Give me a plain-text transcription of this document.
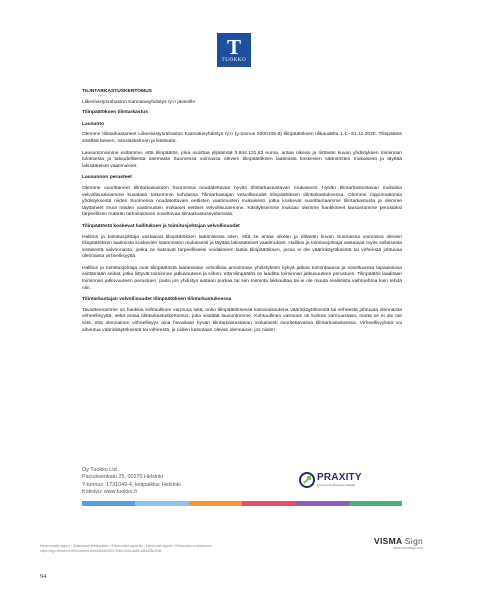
T
TUOKKO
TILINTARKASTUSKERTOMUS
Liikesivistysrahaston Kannatusyhdistys ry:n jäsenille
Tilinpäätöksen tilintarkastus
Lausunto

Olemme tilintarkastaneet Liikesivistysrahaston Kannatusyhdistys ry:n (y-tunnus 0200105-8) tilinpäätöksen tilikaudelta 1.1.–31.12.2020. Tilinpäätös sisältää taseen, tuloslaskelman ja liitetiedot.

Lausuntonamme esitämme, että tilinpäätös, joka osoittaa ylijäämää 3.844.131,63 euroa, antaa oikean ja riittävän kuvan yhdistyksen toiminnan tuloksesta ja taloudellisesta asemasta Suomessa voimassa olevien tilinpäätöksen laatimista koskevien säännösten mukaisesti ja täyttää lakisääteiset vaatimukset.

Lausunnon perusteet

Olemme suorittaneet tilintarkastuksen Suomessa noudatettavan hyvän tilintarkastustavan mukaisesti. Hyvän tilintarkastustavan mukaisia velvollisuuksiamme kuvataan tarkemmin kohdassa Tilintarkastajan velvollisuudet tilinpäätöksen tilintarkastuksessa. Olemme riippumattomia yhdistyksestä niiden Suomessa noudatettavien eettisten vaatimusten mukaisesti, jotka koskevat suorittamaamme tilintarkastusta ja olemme täyttäneet muut näiden vaatimusten mukaiset eettiset velvollisuutemme. Käsityksemme mukaan olemme hankkineet lausuntomme perustaksi tarpeellisen määrän tarkoitukseen soveltuvaa tilintarkastusevidenssiä.

Tilinpäätöstä koskevat hallituksen ja toimitusjohtajan velvollisuudet

Hallitus ja toimitusjohtaja vastaavat tilinpäätöksen laatimisesta siten, että se antaa oikean ja riittävän kuvan Suomessa voimassa olevien tilinpäätöksen laatimista koskevien säännösten mukaisesti ja täyttää lakisääteiset vaatimukset. Hallitus ja toimitusjohtaja vastaavat myös sellaisesta sisäisestä valvonnasta, jonka ne katsovat tarpeelliseksi voidakseen laatia tilinpäätöksen, jossa ei ole väärinkäytöksestä tai virheestä johtuvaa olennaista virheellisyyttä.

Hallitus ja toimitusjohtaja ovat tilinpäätöstä laatiessaan velvollisia arvioimaan yhdistyksen kykyä jatkaa toimintaansa ja soveltuvissa tapauksissa esittämään seikat, jotka liittyvät toiminnan jatkuvuuteen ja siihen, että tilinpäätös on laadittu toiminnan jatkuvuuteen perustuen. Tilinpäätös laaditaan toiminnan jatkuvuuteen perustuen, paitsi jos yhdistys aiotaan purkaa tai sen toiminta lakkauttaa tai ei ole muuta realistista vaihtoehtoa kuin tehdä niin.

Tilintarkastajan velvollisuudet tilinpäätöksen tilintarkastuksessa

Tavoitteenamme on hankkia kohtuullinen varmuus siitä, onko tilinpäätöksessä kokonaisuutena väärinkäytöksestä tai virheestä johtuvaa olennaista virheellisyyttä, sekä antaa tilintarkastuskertomus, joka sisältää lausuntomme. Kohtuullinen varmuus on korkea varmuustaso, mutta se ei ole tae siitä, että olennainen virheellisyys aina havaitaan hyvän tilintarkastustavan mukaisesti suoritettavassa tilintarkastuksessa. Virheellisyyksiä voi aiheutua väärinkäytöksestä tai virheestä, ja niiden katsotaan olevan olennaisia, jos niiden

Oy Tuokko Ltd
Paciuksenkatu 25, 00270 Helsinki
Y-tunnus: 1731049-4, kotipaikka: Helsinki
Kotisivu: www.tuokko.fi
PRAXITY
Empowering Business Globally
Electronically signed / Sähköisesti allekirjoitettu / Elektroniskt signerats / Elektronisk signert / Elektronisk underskrevet
https://sign.visma.net/fi/document-check/d2a2d229-998b-4e2a-ad85-4f8ad35c4948
VISMA Sign
www.vismasign.com
94
